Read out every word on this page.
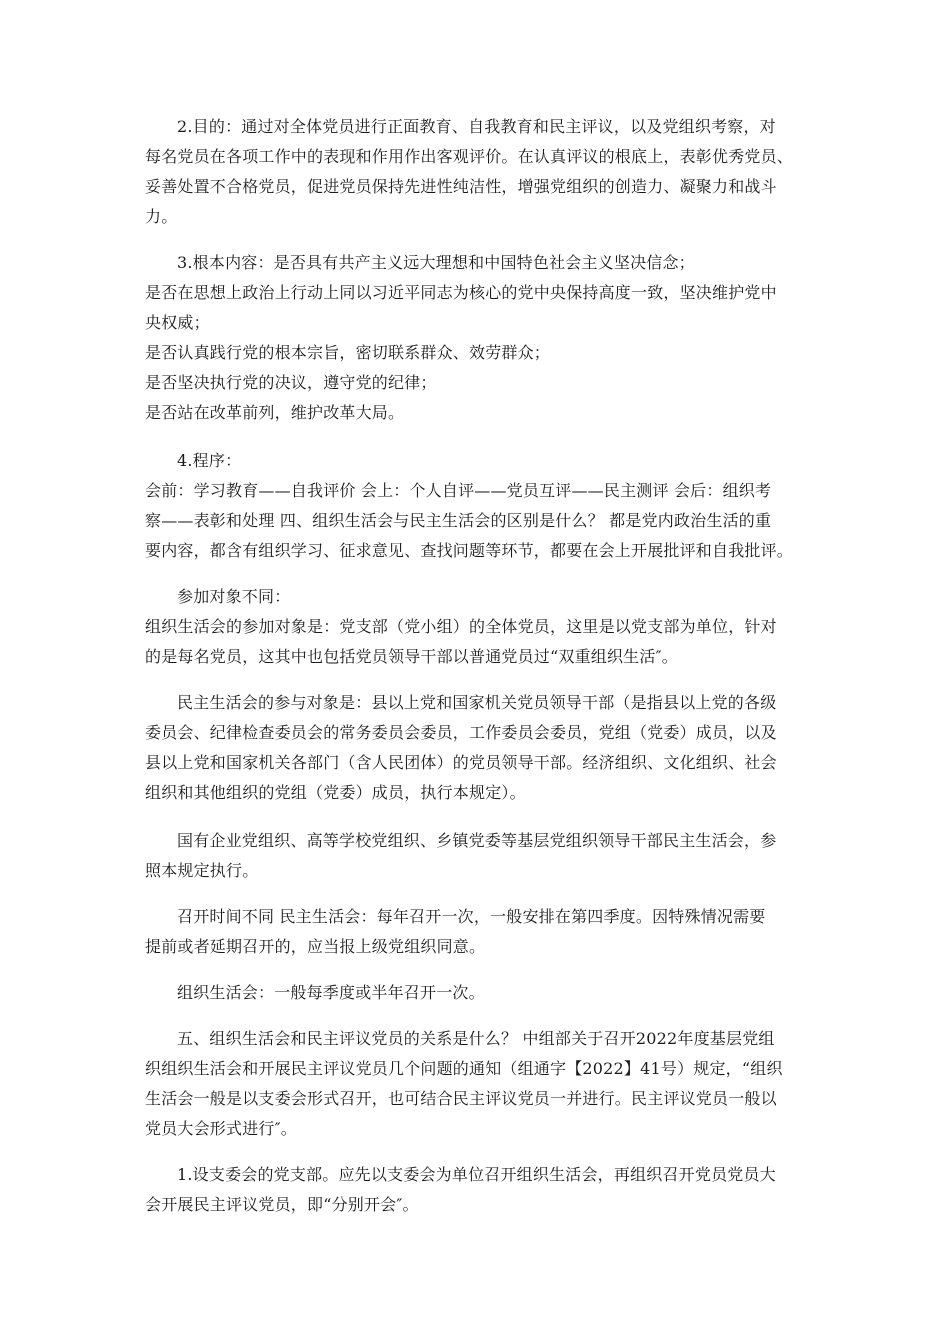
2.目的：通过对全体党员进行正面教育、自我教育和民主评议，以及党组织考察，对
每名党员在各项工作中的表现和作用作出客观评价。在认真评议的根底上，表彰优秀党员、
妥善处置不合格党员，促进党员保持先进性纯洁性，增强党组织的创造力、凝聚力和战斗
力。
3.根本内容：是否具有共产主义远大理想和中国特色社会主义坚决信念；
是否在思想上政治上行动上同以习近平同志为核心的党中央保持高度一致，坚决维护党中
央权威；
是否认真践行党的根本宗旨，密切联系群众、效劳群众；
是否坚决执行党的决议，遵守党的纪律；
是否站在改革前列，维护改革大局。
4.程序：
会前：学习教育——自我评价 会上：个人自评——党员互评——民主测评 会后：组织考
察——表彰和处理 四、组织生活会与民主生活会的区别是什么？ 都是党内政治生活的重
要内容，都含有组织学习、征求意见、查找问题等环节，都要在会上开展批评和自我批评。
参加对象不同：
组织生活会的参加对象是：党支部（党小组）的全体党员，这里是以党支部为单位，针对
的是每名党员，这其中也包括党员领导干部以普通党员过“双重组织生活″。
民主生活会的参与对象是：县以上党和国家机关党员领导干部（是指县以上党的各级
委员会、纪律检查委员会的常务委员会委员，工作委员会委员，党组（党委）成员，以及
县以上党和国家机关各部门（含人民团体）的党员领导干部。经济组织、文化组织、社会
组织和其他组织的党组（党委）成员，执行本规定）。
国有企业党组织、高等学校党组织、乡镇党委等基层党组织领导干部民主生活会，参
照本规定执行。
召开时间不同 民主生活会：每年召开一次，一般安排在第四季度。因特殊情况需要
提前或者延期召开的，应当报上级党组织同意。
组织生活会：一般每季度或半年召开一次。
五、组织生活会和民主评议党员的关系是什么？ 中组部关于召开2022年度基层党组
织组织生活会和开展民主评议党员几个问题的通知（组通字【2022】41号）规定，“组织
生活会一般是以支委会形式召开，也可结合民主评议党员一并进行。民主评议党员一般以
党员大会形式进行″。
1.设支委会的党支部。应先以支委会为单位召开组织生活会，再组织召开党员党员大
会开展民主评议党员，即“分别开会″。
